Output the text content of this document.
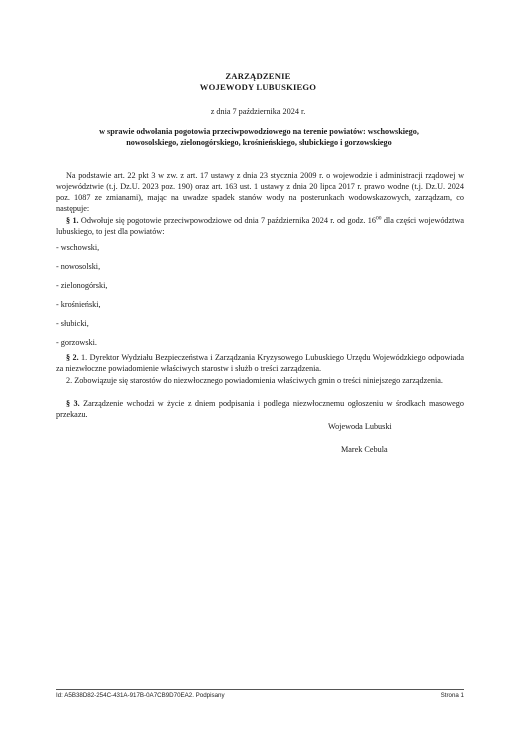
ZARZĄDZENIE
WOJEWODY LUBUSKIEGO
z dnia 7 października 2024 r.
w sprawie odwołania pogotowia przeciwpowodziowego na terenie powiatów: wschowskiego, nowosolskiego, zielonogórskiego, krośnieńskiego, słubickiego i gorzowskiego
Na podstawie art. 22 pkt 3 w zw. z art. 17 ustawy z dnia 23 stycznia 2009 r. o wojewodzie i administracji rządowej w województwie (t.j. Dz.U. 2023 poz. 190) oraz art. 163 ust. 1 ustawy z dnia 20 lipca 2017 r. prawo wodne (t.j. Dz.U. 2024 poz. 1087 ze zmianami), mając na uwadze spadek stanów wody na posterunkach wodowskazowych, zarządzam, co następuje:
§ 1. Odwołuje się pogotowie przeciwpowodziowe od dnia 7 października 2024 r. od godz. $16^{00}$ dla części województwa lubuskiego, to jest dla powiatów:
- wschowski,
- nowosolski,
- zielonogórski,
- krośnieński,
- słubicki,
- gorzowski.
§ 2. 1. Dyrektor Wydziału Bezpieczeństwa i Zarządzania Kryzysowego Lubuskiego Urzędu Wojewódzkiego odpowiada za niezwłoczne powiadomienie właściwych starostw i służb o treści zarządzenia.
2. Zobowiązuje się starostów do niezwłocznego powiadomienia właściwych gmin o treści niniejszego zarządzenia.
§ 3. Zarządzenie wchodzi w życie z dniem podpisania i podlega niezwłocznemu ogłoszeniu w środkach masowego przekazu.
Wojewoda Lubuski
Marek Cebula
Id: A5B38D82-254C-431A-917B-0A7CB9D70EA2. Podpisany	Strona 1
